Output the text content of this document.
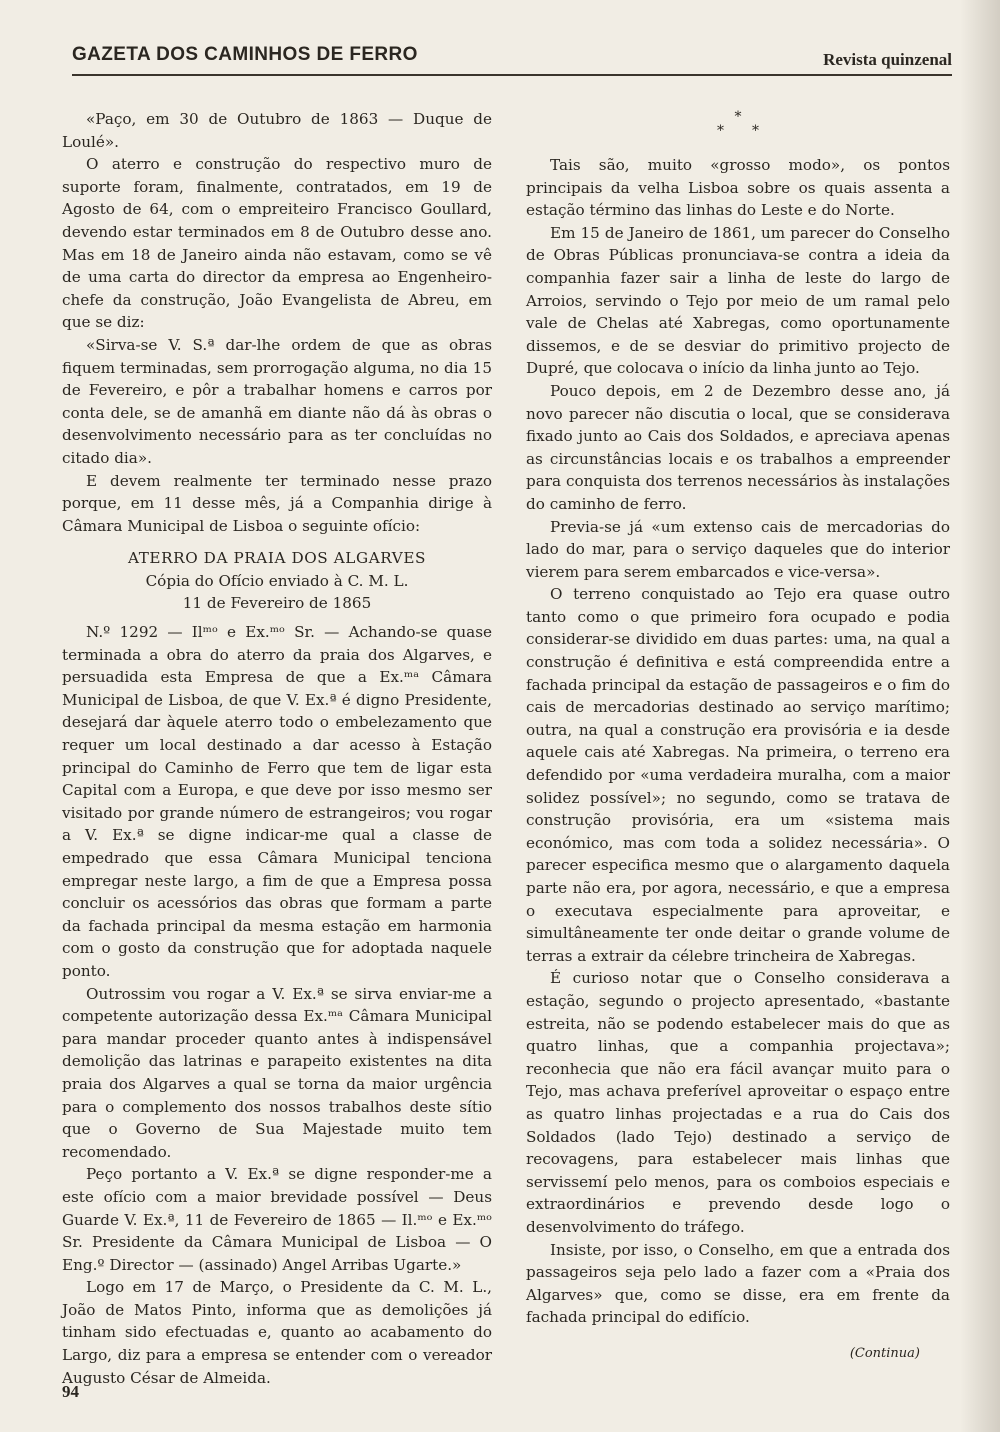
GAZETA DOS CAMINHOS DE FERRO	Revista quinzenal

«Paço, em 30 de Outubro de 1863 — Duque de Loulé».

O aterro e construção do respectivo muro de suporte foram, finalmente, contratados, em 19 de Agosto de 64, com o empreiteiro Francisco Goullard, devendo estar terminados em 8 de Outubro desse ano. Mas em 18 de Janeiro ainda não estavam, como se vê de uma carta do director da empresa ao Engenheiro-chefe da construção, João Evangelista de Abreu, em que se diz:

«Sirva-se V. S.ª dar-lhe ordem de que as obras fiquem terminadas, sem prorrogação alguma, no dia 15 de Fevereiro, e pôr a trabalhar homens e carros por conta dele, se de amanhã em diante não dá às obras o desenvolvimento necessário para as ter concluídas no citado dia».

E devem realmente ter terminado nesse prazo porque, em 11 desse mês, já a Companhia dirige à Câmara Municipal de Lisboa o seguinte ofício:

ATERRO DA PRAIA DOS ALGARVES
Cópia do Ofício enviado à C. M. L.
11 de Fevereiro de 1865

N.º 1292 — Ilᵐᵒ e Ex.ᵐᵒ Sr. — Achando-se quase terminada a obra do aterro da praia dos Algarves, e persuadida esta Empresa de que a Ex.ᵐᵃ Câmara Municipal de Lisboa, de que V. Ex.ª é digno Presidente, desejará dar àquele aterro todo o embelezamento que requer um local destinado a dar acesso à Estação principal do Caminho de Ferro que tem de ligar esta Capital com a Europa, e que deve por isso mesmo ser visitado por grande número de estrangeiros; vou rogar a V. Ex.ª se digne indicar-me qual a classe de empedrado que essa Câmara Municipal tenciona empregar neste largo, a fim de que a Empresa possa concluir os acessórios das obras que formam a parte da fachada principal da mesma estação em harmonia com o gosto da construção que for adoptada naquele ponto.

Outrossim vou rogar a V. Ex.ª se sirva enviar-me a competente autorização dessa Ex.ᵐᵃ Câmara Municipal para mandar proceder quanto antes à indispensável demolição das latrinas e parapeito existentes na dita praia dos Algarves a qual se torna da maior urgência para o complemento dos nossos trabalhos deste sítio que o Governo de Sua Majestade muito tem recomendado.

Peço portanto a V. Ex.ª se digne responder-me a este ofício com a maior brevidade possível — Deus Guarde V. Ex.ª, 11 de Fevereiro de 1865 — Il.ᵐᵒ e Ex.ᵐᵒ Sr. Presidente da Câmara Municipal de Lisboa — O Eng.º Director — (assinado) Angel Arribas Ugarte.»

Logo em 17 de Março, o Presidente da C. M. L., João de Matos Pinto, informa que as demolições já tinham sido efectuadas e, quanto ao acabamento do Largo, diz para a empresa se entender com o vereador Augusto César de Almeida.

*
* *

Tais são, muito «grosso modo», os pontos principais da velha Lisboa sobre os quais assenta a estação término das linhas do Leste e do Norte.

Em 15 de Janeiro de 1861, um parecer do Conselho de Obras Públicas pronunciava-se contra a ideia da companhia fazer sair a linha de leste do largo de Arroios, servindo o Tejo por meio de um ramal pelo vale de Chelas até Xabregas, como oportunamente dissemos, e de se desviar do primitivo projecto de Dupré, que colocava o início da linha junto ao Tejo.

Pouco depois, em 2 de Dezembro desse ano, já novo parecer não discutia o local, que se considerava fixado junto ao Cais dos Soldados, e apreciava apenas as circunstâncias locais e os trabalhos a empreender para conquista dos terrenos necessários às instalações do caminho de ferro.

Previa-se já «um extenso cais de mercadorias do lado do mar, para o serviço daqueles que do interior vierem para serem embarcados e vice-versa».

O terreno conquistado ao Tejo era quase outro tanto como o que primeiro fora ocupado e podia considerar-se dividido em duas partes: uma, na qual a construção é definitiva e está compreendida entre a fachada principal da estação de passageiros e o fim do cais de mercadorias destinado ao serviço marítimo; outra, na qual a construção era provisória e ia desde aquele cais até Xabregas. Na primeira, o terreno era defendido por «uma verdadeira muralha, com a maior solidez possível»; no segundo, como se tratava de construção provisória, era um «sistema mais económico, mas com toda a solidez necessária». O parecer especifica mesmo que o alargamento daquela parte não era, por agora, necessário, e que a empresa o executava especialmente para aproveitar, e simultâneamente ter onde deitar o grande volume de terras a extrair da célebre trincheira de Xabregas.

É curioso notar que o Conselho considerava a estação, segundo o projecto apresentado, «bastante estreita, não se podendo estabelecer mais do que as quatro linhas, que a companhia projectava»; reconhecia que não era fácil avançar muito para o Tejo, mas achava preferível aproveitar o espaço entre as quatro linhas projectadas e a rua do Cais dos Soldados (lado Tejo) destinado a serviço de recovagens, para estabelecer mais linhas que servissemí pelo menos, para os comboios especiais e extraordinários e prevendo desde logo o desenvolvimento do tráfego.

Insiste, por isso, o Conselho, em que a entrada dos passageiros seja pelo lado a fazer com a «Praia dos Algarves» que, como se disse, era em frente da fachada principal do edifício.

(Continua)
94
